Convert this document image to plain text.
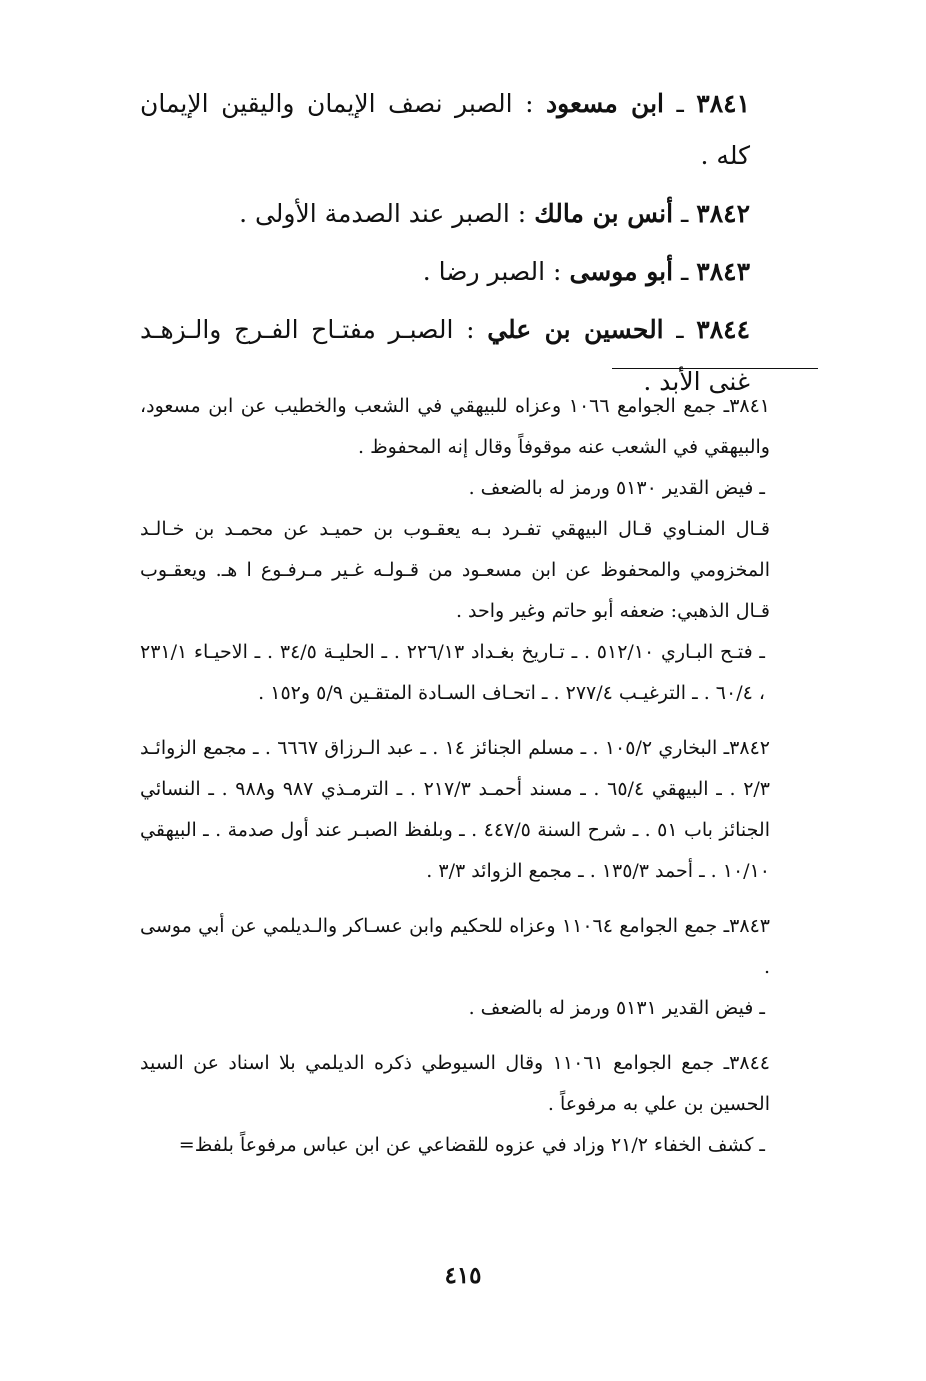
٣٨٤١ ـ ابن مسعود : الصبر نصف الإيمان واليقين الإيمان كله .

٣٨٤٢ ـ أنس بن مالك : الصبر عند الصدمة الأولى .

٣٨٤٣ ـ أبو موسى : الصبر رضا .

٣٨٤٤ ـ الحسين بن علي : الصبـر مفتـاح الفـرج والـزهـد غنى الأبد .

٣٨٤١ـ جمع الجوامع ١٠٦٦ وعزاه للبيهقي في الشعب والخطيب عن ابن مسعود، والبيهقي في الشعب عنه موقوفاً وقال إنه المحفوظ .

ـ فيض القدير ٥١٣٠ ورمز له بالضعف .

قـال المنـاوي قـال البيهقي تفـرد بـه يعقـوب بن حميـد عن محمـد بن خـالـد المخزومي والمحفوظ عن ابن مسعـود من قـولـه غـير مـرفـوع ا هـ. ويعقـوب قـال الذهبي: ضعفه أبو حاتم وغير واحد .

ـ فتـح البـاري ٥١٢/١٠ . ـ تـاريخ بغـداد ٢٢٦/١٣ . ـ الحليـة ٣٤/٥ . ـ الاحيـاء ٢٣١/١ ، ٦٠/٤ . ـ الترغيـب ٢٧٧/٤ . ـ اتحـاف السـادة المتقـين ٥/٩ و١٥٢ .

٣٨٤٢ـ البخاري ١٠٥/٢ . ـ مسلم الجنائز ١٤ . ـ عبد الـرزاق ٦٦٦٧ . ـ مجمع الزوائـد ٢/٣ . ـ البيهقي ٦٥/٤ . ـ مسند أحمـد ٢١٧/٣ . ـ الترمـذي ٩٨٧ و٩٨٨ . ـ النسائي الجنائز باب ٥١ . ـ شرح السنة ٤٤٧/٥ . ـ وبلفظ الصبـر عند أول صدمة . ـ البيهقي ١٠/١٠ . ـ أحمد ١٣٥/٣ . ـ مجمع الزوائد ٣/٣ .

٣٨٤٣ـ جمع الجوامع ١١٠٦٤ وعزاه للحكيم وابن عسـاكر والـديلمي عن أبي موسى .

ـ فيض القدير ٥١٣١ ورمز له بالضعف .

٣٨٤٤ـ جمع الجوامع ١١٠٦١ وقال السيوطي ذكره الديلمي بلا اسناد عن السيد الحسين بن علي به مرفوعاً .

ـ كشف الخفاء ٢١/٢ وزاد في عزوه للقضاعي عن ابن عباس مرفوعاً بلفظ=

٤١٥
